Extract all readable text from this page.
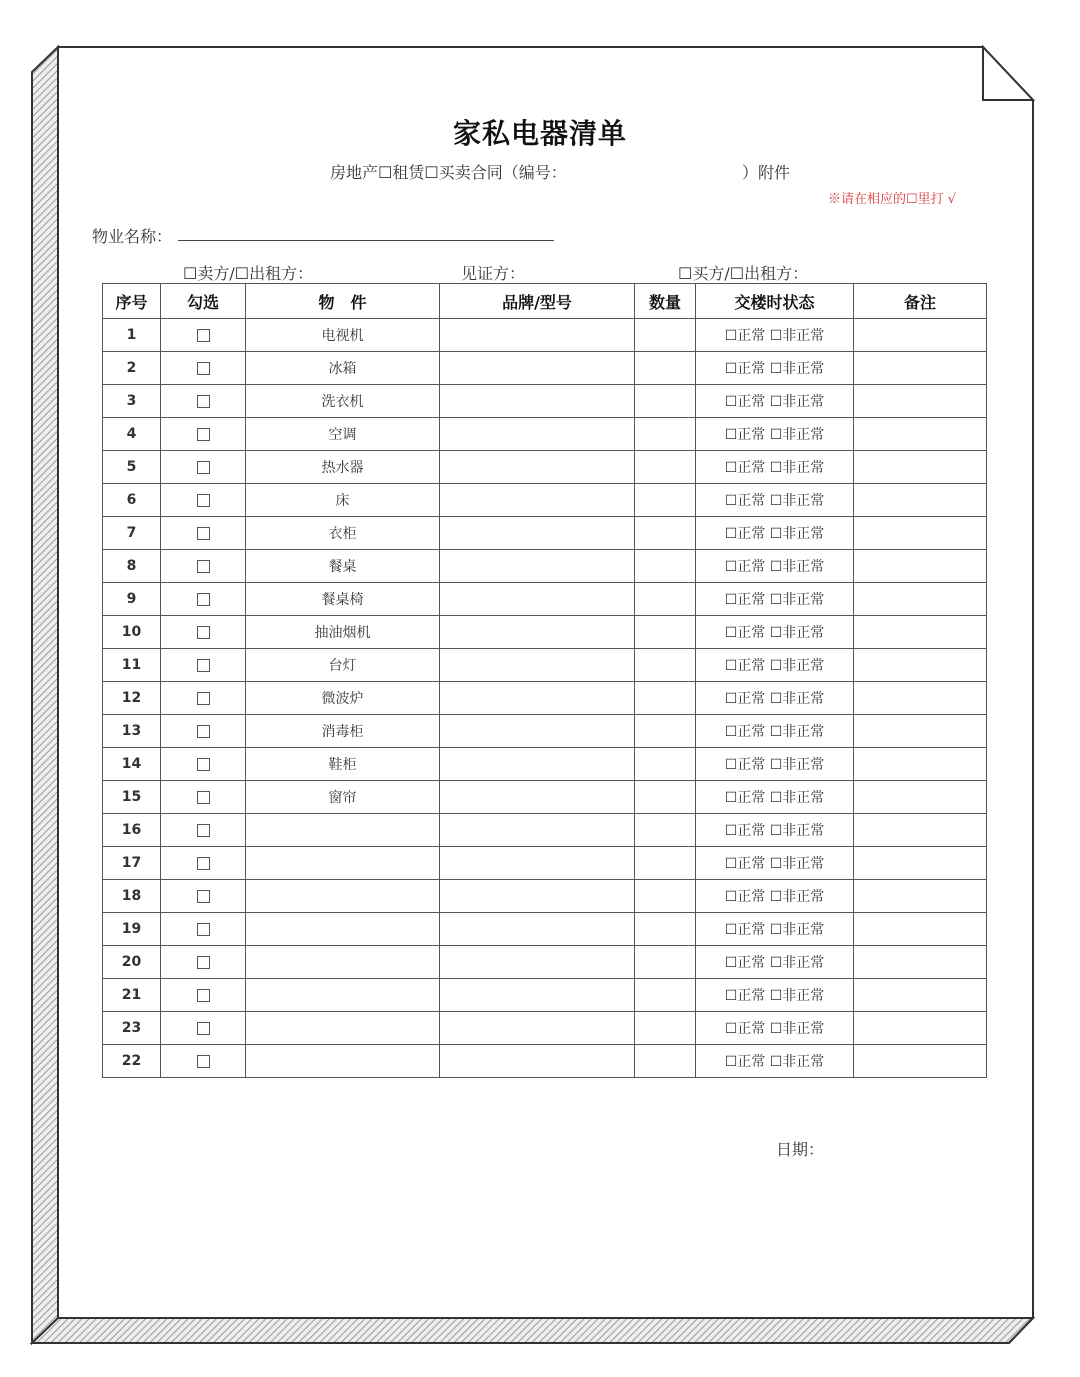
家私电器清单
房地产☐租赁☐买卖合同（编号：	）附件
※请在相应的☐里打 √
物业名称：
☐卖方/☐出租方：	见证方：	☐买方/☐出租方：
序号	勾选	物　件	品牌/型号	数量	交楼时状态	备注
1		电视机			☐正常 ☐非正常	
2		冰箱			☐正常 ☐非正常	
3		洗衣机			☐正常 ☐非正常	
4		空调			☐正常 ☐非正常	
5		热水器			☐正常 ☐非正常	
6		床			☐正常 ☐非正常	
7		衣柜			☐正常 ☐非正常	
8		餐桌			☐正常 ☐非正常	
9		餐桌椅			☐正常 ☐非正常	
10		抽油烟机			☐正常 ☐非正常	
11		台灯			☐正常 ☐非正常	
12		微波炉			☐正常 ☐非正常	
13		消毒柜			☐正常 ☐非正常	
14		鞋柜			☐正常 ☐非正常	
15		窗帘			☐正常 ☐非正常	
16					☐正常 ☐非正常	
17					☐正常 ☐非正常	
18					☐正常 ☐非正常	
19					☐正常 ☐非正常	
20					☐正常 ☐非正常	
21					☐正常 ☐非正常	
23					☐正常 ☐非正常	
22					☐正常 ☐非正常	
日期：
